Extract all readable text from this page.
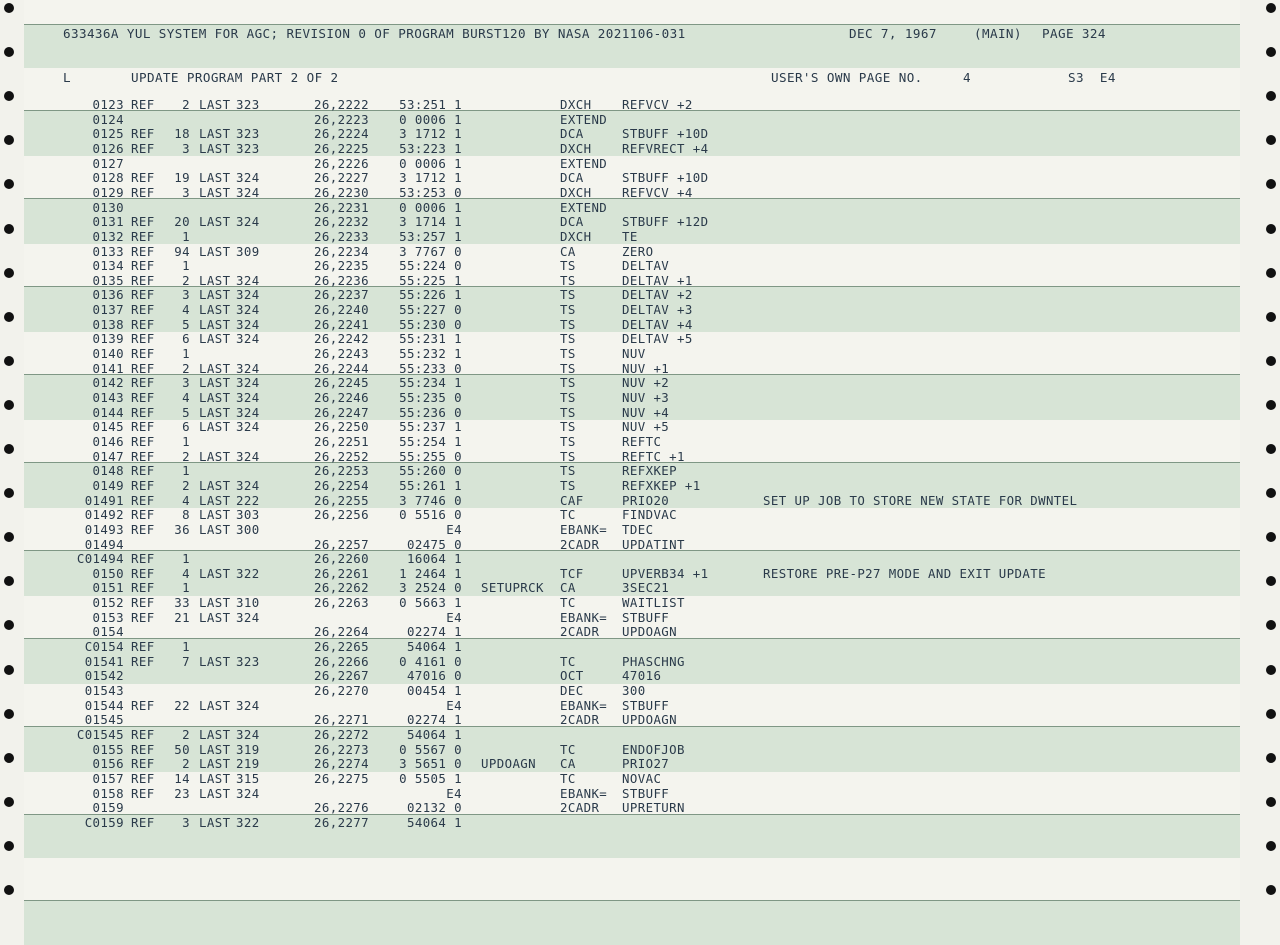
633436A YUL SYSTEM FOR AGC; REVISION 0 OF PROGRAM BURST120 BY NASA 2021106-031	DEC 7, 1967	(MAIN) PAGE 324
L	UPDATE PROGRAM PART 2 OF 2	USER'S OWN PAGE NO.	4	S3  E4
0123 REF	2 LAST 323	26,2222	53:251 1	DXCH	REFVCV +2
0124	26,2223	0 0006 1	EXTEND
0125 REF	18 LAST 323	26,2224	3 1712 1	DCA	STBUFF +10D
0126 REF	3 LAST 323	26,2225	53:223 1	DXCH	REFVRECT +4
0127	26,2226	0 0006 1	EXTEND
0128 REF	19 LAST 324	26,2227	3 1712 1	DCA	STBUFF +10D
0129 REF	3 LAST 324	26,2230	53:253 0	DXCH	REFVCV +4
0130	26,2231	0 0006 1	EXTEND
0131 REF	20 LAST 324	26,2232	3 1714 1	DCA	STBUFF +12D
0132 REF	1	26,2233	53:257 1	DXCH	TE
0133 REF	94 LAST 309	26,2234	3 7767 0	CA	ZERO
0134 REF	1	26,2235	55:224 0	TS	DELTAV
0135 REF	2 LAST 324	26,2236	55:225 1	TS	DELTAV +1
0136 REF	3 LAST 324	26,2237	55:226 1	TS	DELTAV +2
0137 REF	4 LAST 324	26,2240	55:227 0	TS	DELTAV +3
0138 REF	5 LAST 324	26,2241	55:230 0	TS	DELTAV +4
0139 REF	6 LAST 324	26,2242	55:231 1	TS	DELTAV +5
0140 REF	1	26,2243	55:232 1	TS	NUV
0141 REF	2 LAST 324	26,2244	55:233 0	TS	NUV +1
0142 REF	3 LAST 324	26,2245	55:234 1	TS	NUV +2
0143 REF	4 LAST 324	26,2246	55:235 0	TS	NUV +3
0144 REF	5 LAST 324	26,2247	55:236 0	TS	NUV +4
0145 REF	6 LAST 324	26,2250	55:237 1	TS	NUV +5
0146 REF	1	26,2251	55:254 1	TS	REFTC
0147 REF	2 LAST 324	26,2252	55:255 0	TS	REFTC +1
0148 REF	1	26,2253	55:260 0	TS	REFXKEP
0149 REF	2 LAST 324	26,2254	55:261 1	TS	REFXKEP +1
01491 REF	4 LAST 222	26,2255	3 7746 0	CAF	PRIO20	SET UP JOB TO STORE NEW STATE FOR DWNTEL
01492 REF	8 LAST 303	26,2256	0 5516 0	TC	FINDVAC
01493 REF	36 LAST 300	E4	EBANK=	TDEC
01494	26,2257	02475 0	2CADR	UPDATINT
C01494 REF	1	26,2260	16064 1
0150 REF	4 LAST 322	26,2261	1 2464 1	TCF	UPVERB34 +1	RESTORE PRE-P27 MODE AND EXIT UPDATE
0151 REF	1	26,2262	3 2524 0 SETUPRCK	CA	3SEC21
0152 REF	33 LAST 310	26,2263	0 5663 1	TC	WAITLIST
0153 REF	21 LAST 324	E4	EBANK=	STBUFF
0154	26,2264	02274 1	2CADR	UPDOAGN
C0154 REF	1	26,2265	54064 1
01541 REF	7 LAST 323	26,2266	0 4161 0	TC	PHASCHNG
01542	26,2267	47016 0	OCT	47016
01543	26,2270	00454 1	DEC	300
01544 REF	22 LAST 324	E4	EBANK=	STBUFF
01545	26,2271	02274 1	2CADR	UPDOAGN
C01545 REF	2 LAST 324	26,2272	54064 1
0155 REF	50 LAST 319	26,2273	0 5567 0	TC	ENDOFJOB
0156 REF	2 LAST 219	26,2274	3 5651 0 UPDOAGN	CA	PRIO27
0157 REF	14 LAST 315	26,2275	0 5505 1	TC	NOVAC
0158 REF	23 LAST 324	E4	EBANK=	STBUFF
0159	26,2276	02132 0	2CADR	UPRETURN
C0159 REF	3 LAST 322	26,2277	54064 1
